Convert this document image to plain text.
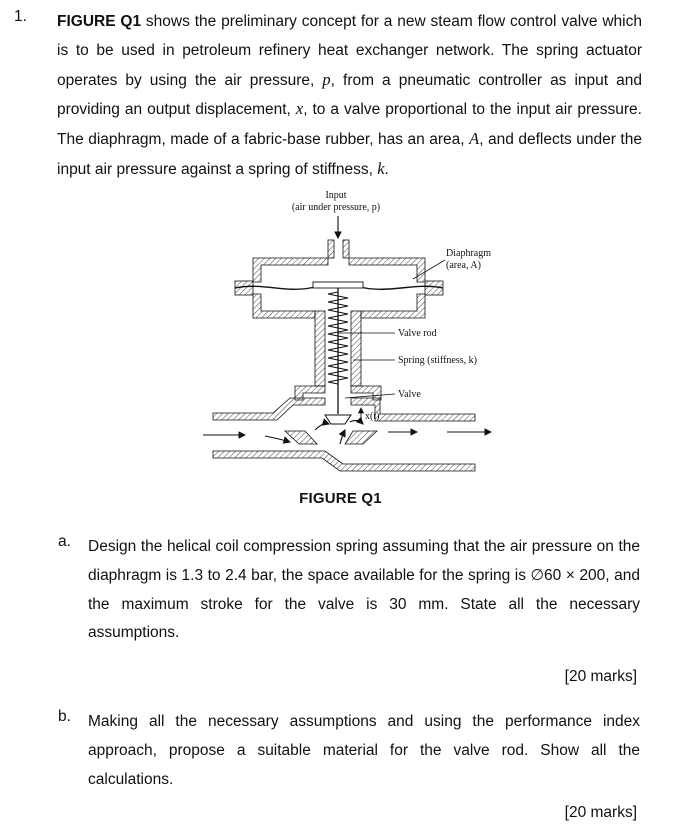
1. FIGURE Q1 shows the preliminary concept for a new steam flow control valve which is to be used in petroleum refinery heat exchanger network. The spring actuator operates by using the air pressure, p, from a pneumatic controller as input and providing an output displacement, x, to a valve proportional to the input air pressure. The diaphragm, made of a fabric-base rubber, has an area, A, and deflects under the input air pressure against a spring of stiffness, k.
Input
(air under pressure, p)
Diaphragm
(area, A)
Valve rod
Spring (stiffness, k)
Valve
x(t)
FIGURE Q1
a. Design the helical coil compression spring assuming that the air pressure on the diaphragm is 1.3 to 2.4 bar, the space available for the spring is ∅60 × 200, and the maximum stroke for the valve is 30 mm. State all the necessary assumptions.
[20 marks]
b. Making all the necessary assumptions and using the performance index approach, propose a suitable material for the valve rod. Show all the calculations.
[20 marks]
